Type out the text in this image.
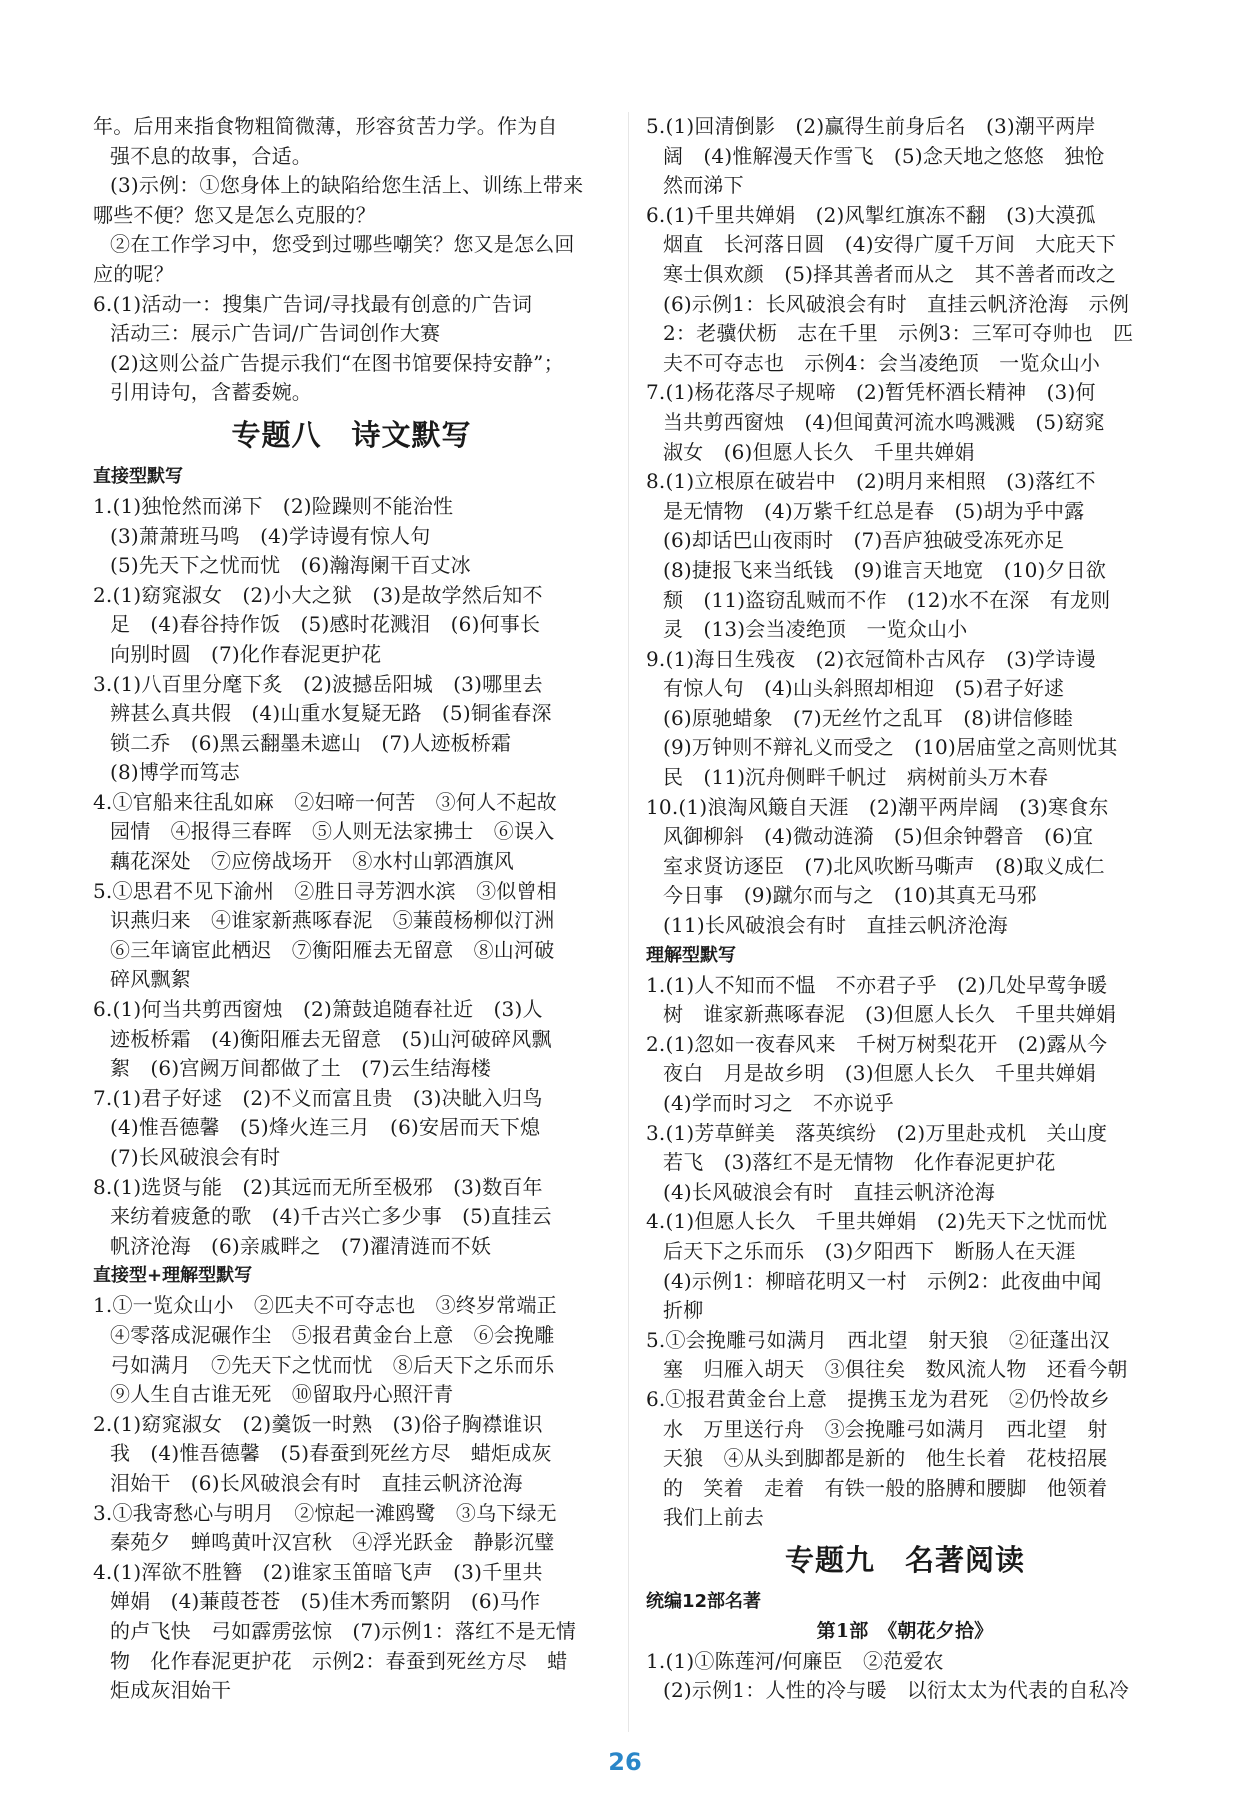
年。后用来指食物粗简微薄，形容贫苦力学。作为自
强不息的故事，合适。
(3)示例：①您身体上的缺陷给您生活上、训练上带来
哪些不便？您又是怎么克服的？
②在工作学习中，您受到过哪些嘲笑？您又是怎么回
应的呢？
6.(1)活动一：搜集广告词/寻找最有创意的广告词
活动三：展示广告词/广告词创作大赛
(2)这则公益广告提示我们“在图书馆要保持安静”；
引用诗句，含蓄委婉。
专题八　诗文默写
直接型默写
1.(1)独怆然而涕下　(2)险躁则不能治性
(3)萧萧班马鸣　(4)学诗谩有惊人句
(5)先天下之忧而忧　(6)瀚海阑干百丈冰
2.(1)窈窕淑女　(2)小大之狱　(3)是故学然后知不
足　(4)春谷持作饭　(5)感时花溅泪　(6)何事长
向别时圆　(7)化作春泥更护花
3.(1)八百里分麾下炙　(2)波撼岳阳城　(3)哪里去
辨甚么真共假　(4)山重水复疑无路　(5)铜雀春深
锁二乔　(6)黑云翻墨未遮山　(7)人迹板桥霜
(8)博学而笃志
4.①官船来往乱如麻　②妇啼一何苦　③何人不起故
园情　④报得三春晖　⑤人则无法家拂士　⑥误入
藕花深处　⑦应傍战场开　⑧水村山郭酒旗风
5.①思君不见下渝州　②胜日寻芳泗水滨　③似曾相
识燕归来　④谁家新燕啄春泥　⑤蒹葭杨柳似汀洲
⑥三年谪宦此栖迟　⑦衡阳雁去无留意　⑧山河破
碎风飘絮
6.(1)何当共剪西窗烛　(2)箫鼓追随春社近　(3)人
迹板桥霜　(4)衡阳雁去无留意　(5)山河破碎风飘
絮　(6)宫阙万间都做了土　(7)云生结海楼
7.(1)君子好逑　(2)不义而富且贵　(3)决眦入归鸟
(4)惟吾德馨　(5)烽火连三月　(6)安居而天下熄
(7)长风破浪会有时
8.(1)选贤与能　(2)其远而无所至极邪　(3)数百年
来纺着疲惫的歌　(4)千古兴亡多少事　(5)直挂云
帆济沧海　(6)亲戚畔之　(7)濯清涟而不妖
直接型+理解型默写
1.①一览众山小　②匹夫不可夺志也　③终岁常端正
④零落成泥碾作尘　⑤报君黄金台上意　⑥会挽雕
弓如满月　⑦先天下之忧而忧　⑧后天下之乐而乐
⑨人生自古谁无死　⑩留取丹心照汗青
2.(1)窈窕淑女　(2)羹饭一时熟　(3)俗子胸襟谁识
我　(4)惟吾德馨　(5)春蚕到死丝方尽　蜡炬成灰
泪始干　(6)长风破浪会有时　直挂云帆济沧海
3.①我寄愁心与明月　②惊起一滩鸥鹭　③乌下绿无
秦苑夕　蝉鸣黄叶汉宫秋　④浮光跃金　静影沉璧
4.(1)浑欲不胜簪　(2)谁家玉笛暗飞声　(3)千里共
婵娟　(4)蒹葭苍苍　(5)佳木秀而繁阴　(6)马作
的卢飞快　弓如霹雳弦惊　(7)示例1：落红不是无情
物　化作春泥更护花　示例2：春蚕到死丝方尽　蜡
炬成灰泪始干
5.(1)回清倒影　(2)赢得生前身后名　(3)潮平两岸
阔　(4)惟解漫天作雪飞　(5)念天地之悠悠　独怆
然而涕下
6.(1)千里共婵娟　(2)风掣红旗冻不翻　(3)大漠孤
烟直　长河落日圆　(4)安得广厦千万间　大庇天下
寒士俱欢颜　(5)择其善者而从之　其不善者而改之
(6)示例1：长风破浪会有时　直挂云帆济沧海　示例
2：老骥伏枥　志在千里　示例3：三军可夺帅也　匹
夫不可夺志也　示例4：会当凌绝顶　一览众山小
7.(1)杨花落尽子规啼　(2)暂凭杯酒长精神　(3)何
当共剪西窗烛　(4)但闻黄河流水鸣溅溅　(5)窈窕
淑女　(6)但愿人长久　千里共婵娟
8.(1)立根原在破岩中　(2)明月来相照　(3)落红不
是无情物　(4)万紫千红总是春　(5)胡为乎中露
(6)却话巴山夜雨时　(7)吾庐独破受冻死亦足
(8)捷报飞来当纸钱　(9)谁言天地宽　(10)夕日欲
颓　(11)盗窃乱贼而不作　(12)水不在深　有龙则
灵　(13)会当凌绝顶　一览众山小
9.(1)海日生残夜　(2)衣冠简朴古风存　(3)学诗谩
有惊人句　(4)山头斜照却相迎　(5)君子好逑
(6)原驰蜡象　(7)无丝竹之乱耳　(8)讲信修睦
(9)万钟则不辩礼义而受之　(10)居庙堂之高则忧其
民　(11)沉舟侧畔千帆过　病树前头万木春
10.(1)浪淘风簸自天涯　(2)潮平两岸阔　(3)寒食东
风御柳斜　(4)微动涟漪　(5)但余钟磬音　(6)宜
室求贤访逐臣　(7)北风吹断马嘶声　(8)取义成仁
今日事　(9)蹴尔而与之　(10)其真无马邪
(11)长风破浪会有时　直挂云帆济沧海
理解型默写
1.(1)人不知而不愠　不亦君子乎　(2)几处早莺争暖
树　谁家新燕啄春泥　(3)但愿人长久　千里共婵娟
2.(1)忽如一夜春风来　千树万树梨花开　(2)露从今
夜白　月是故乡明　(3)但愿人长久　千里共婵娟
(4)学而时习之　不亦说乎
3.(1)芳草鲜美　落英缤纷　(2)万里赴戎机　关山度
若飞　(3)落红不是无情物　化作春泥更护花
(4)长风破浪会有时　直挂云帆济沧海
4.(1)但愿人长久　千里共婵娟　(2)先天下之忧而忧
后天下之乐而乐　(3)夕阳西下　断肠人在天涯
(4)示例1：柳暗花明又一村　示例2：此夜曲中闻
折柳
5.①会挽雕弓如满月　西北望　射天狼　②征蓬出汉
塞　归雁入胡天　③俱往矣　数风流人物　还看今朝
6.①报君黄金台上意　提携玉龙为君死　②仍怜故乡
水　万里送行舟　③会挽雕弓如满月　西北望　射
天狼　④从头到脚都是新的　他生长着　花枝招展
的　笑着　走着　有铁一般的胳膊和腰脚　他领着
我们上前去
专题九　名著阅读
统编12部名著
第1部　《朝花夕拾》
1.(1)①陈莲河/何廉臣　②范爱农
(2)示例1：人性的冷与暖　以衍太太为代表的自私冷
26
